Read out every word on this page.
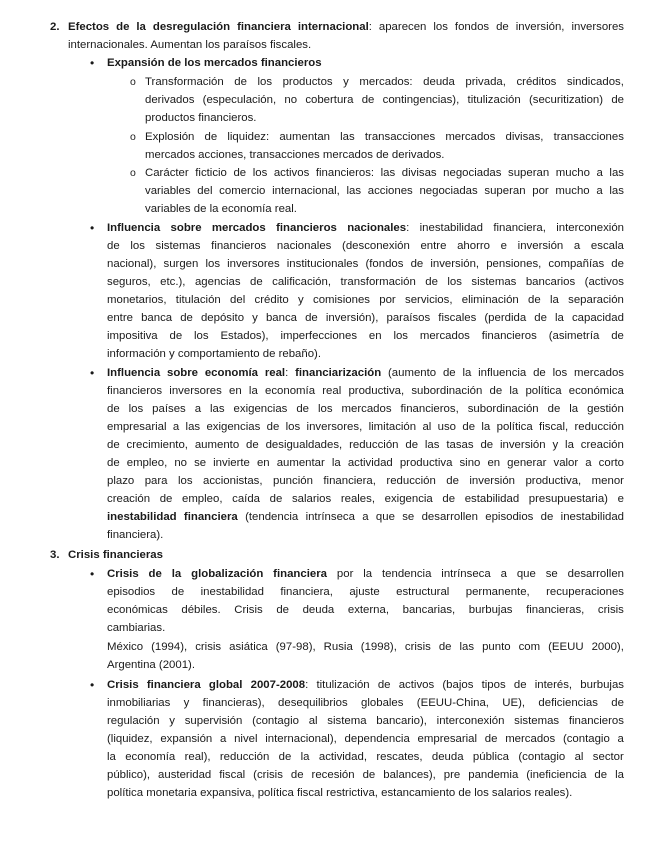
2. Efectos de la desregulación financiera internacional: aparecen los fondos de inversión, inversores
internacionales. Aumentan los paraísos fiscales.
• Expansión de los mercados financieros
o Transformación de los productos y mercados: deuda privada, créditos sindicados,
derivados (especulación, no cobertura de contingencias), titulización (securitization) de
productos financieros.
o Explosión de liquidez: aumentan las transacciones mercados divisas, transacciones
mercados acciones, transacciones mercados de derivados.
o Carácter ficticio de los activos financieros: las divisas negociadas superan mucho a las
variables del comercio internacional, las acciones negociadas superan por mucho a las
variables de la economía real.
• Influencia sobre mercados financieros nacionales: inestabilidad financiera, interconexión
de los sistemas financieros nacionales (desconexión entre ahorro e inversión a escala
nacional), surgen los inversores institucionales (fondos de inversión, pensiones, compañías de
seguros, etc.), agencias de calificación, transformación de los sistemas bancarios (activos
monetarios, titulación del crédito y comisiones por servicios, eliminación de la separación
entre banca de depósito y banca de inversión), paraísos fiscales (perdida de la capacidad
impositiva de los Estados), imperfecciones en los mercados financieros (asimetría de
información y comportamiento de rebaño).
• Influencia sobre economía real: financiarización (aumento de la influencia de los mercados
financieros inversores en la economía real productiva, subordinación de la política económica
de los países a las exigencias de los mercados financieros, subordinación de la gestión
empresarial a las exigencias de los inversores, limitación al uso de la política fiscal, reducción
de crecimiento, aumento de desigualdades, reducción de las tasas de inversión y la creación
de empleo, no se invierte en aumentar la actividad productiva sino en generar valor a corto
plazo para los accionistas, punción financiera, reducción de inversión productiva, menor
creación de empleo, caída de salarios reales, exigencia de estabilidad presupuestaria) e
inestabilidad financiera (tendencia intrínseca a que se desarrollen episodios de inestabilidad
financiera).
3. Crisis financieras
• Crisis de la globalización financiera por la tendencia intrínseca a que se desarrollen
episodios de inestabilidad financiera, ajuste estructural permanente, recuperaciones
económicas débiles. Crisis de deuda externa, bancarias, burbujas financieras, crisis
cambiarias.
México (1994), crisis asiática (97-98), Rusia (1998), crisis de las punto com (EEUU 2000),
Argentina (2001).
• Crisis financiera global 2007-2008: titulización de activos (bajos tipos de interés, burbujas
inmobiliarias y financieras), desequilibrios globales (EEUU-China, UE), deficiencias de
regulación y supervisión (contagio al sistema bancario), interconexión sistemas financieros
(liquidez, expansión a nivel internacional), dependencia empresarial de mercados (contagio a
la economía real), reducción de la actividad, rescates, deuda pública (contagio al sector
público), austeridad fiscal (crisis de recesión de balances), pre pandemia (ineficiencia de la
política monetaria expansiva, política fiscal restrictiva, estancamiento de los salarios reales).
